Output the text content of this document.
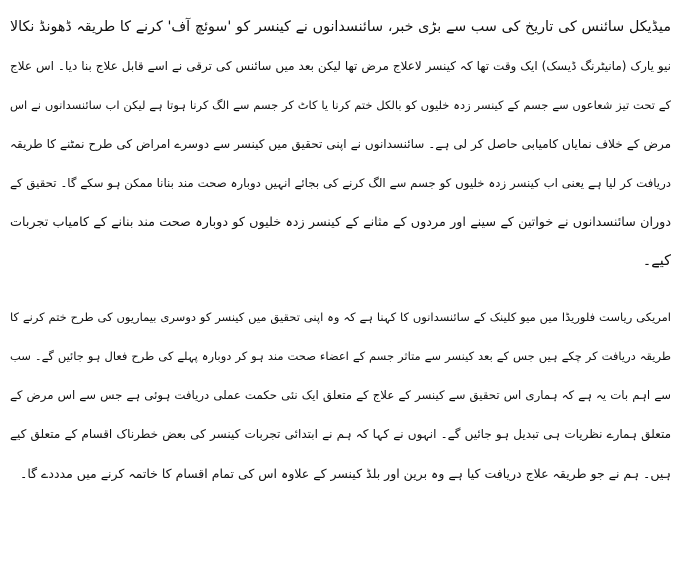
میڈیکل سائنس کی تاریخ کی سب سے بڑی خبر، سائنسدانوں نے کینسر کو 'سوئچ آف' کرنے کا طریقہ ڈھونڈ نکالا
نیو یارک (مانیٹرنگ ڈیسک) ایک وقت تھا کہ کینسر لاعلاج مرض تھا لیکن بعد میں سائنس کی ترقی نے اسے قابل علاج بنا دیا۔ اس علاج
کے تحت تیز شعاعوں سے جسم کے کینسر زدہ خلیوں کو بالکل ختم کرنا یا کاٹ کر جسم سے الگ کرنا ہوتا ہے لیکن اب سائنسدانوں نے اس
مرض کے خلاف نمایاں کامیابی حاصل کر لی ہے۔ سائنسدانوں نے اپنی تحقیق میں کینسر سے دوسرے امراض کی طرح نمٹنے کا طریقہ
دریافت کر لیا ہے یعنی اب کینسر زدہ خلیوں کو جسم سے الگ کرنے کی بجائے انہیں دوبارہ صحت مند بنانا ممکن ہو سکے گا۔ تحقیق کے
دوران سائنسدانوں نے خواتین کے سینے اور مردوں کے مثانے کے کینسر زدہ خلیوں کو دوبارہ صحت مند بنانے کے کامیاب تجربات
کیے۔
امریکی ریاست فلوریڈا میں میو کلینک کے سائنسدانوں کا کہنا ہے کہ وہ اپنی تحقیق میں کینسر کو دوسری بیماریوں کی طرح ختم کرنے کا
طریقہ دریافت کر چکے ہیں جس کے بعد کینسر سے متاثر جسم کے اعضاء صحت مند ہو کر دوبارہ پہلے کی طرح فعال ہو جائیں گے۔ سب
سے اہم بات یہ ہے کہ ہماری اس تحقیق سے کینسر کے علاج کے متعلق ایک نئی حکمت عملی دریافت ہوئی ہے جس سے اس مرض کے
متعلق ہمارے نظریات ہی تبدیل ہو جائیں گے۔ انہوں نے کہا کہ ہم نے ابتدائی تجربات کینسر کی بعض خطرناک اقسام کے متعلق کیے
ہیں۔ ہم نے جو طریقہ علاج دریافت کیا ہے وہ برین اور بلڈ کینسر کے علاوہ اس کی تمام اقسام کا خاتمہ کرنے میں مدددے گا۔
